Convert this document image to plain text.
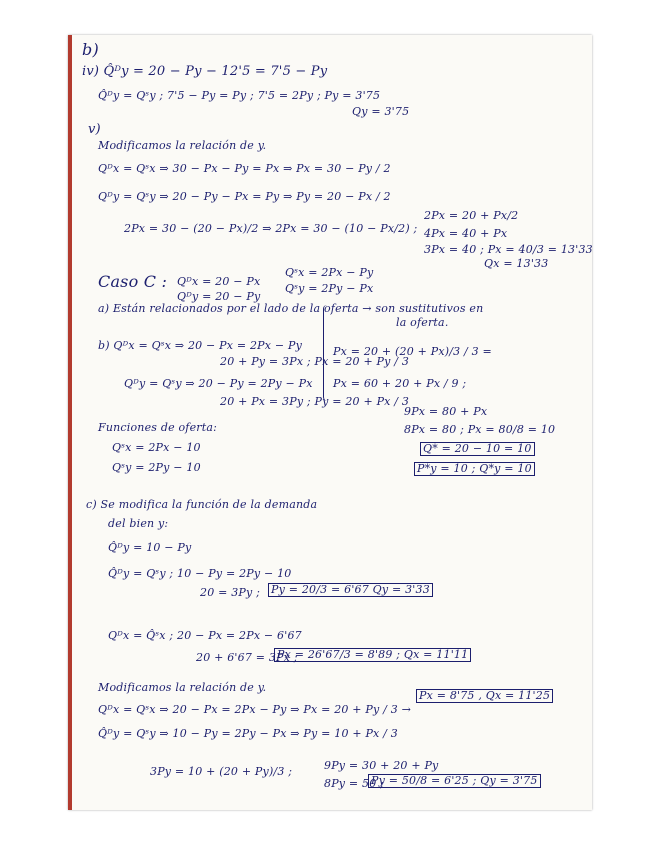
b)
iv) Q̂ᴰy = 20 − Py − 12'5 = 7'5 − Py
Q̂ᴰy = Qˢy ; 7'5 − Py = Py ; 7'5 = 2Py ; Py = 3'75
Qy = 3'75
v)
Modificamos la relación de y.
Qᴰx = Qˢx ⇒ 30 − Px − Py = Px ⇒ Px = 30 − Py / 2
Qᴰy = Qˢy ⇒ 20 − Py − Px = Py ⇒ Py = 20 − Px / 2
2Px = 30 − (20 − Px)/2 ⇒ 2Px = 30 − (10 − Px/2) ;
2Px = 20 + Px/2
4Px = 40 + Px
3Px = 40 ; Px = 40/3 = 13'33
Qx = 13'33
Caso C : Qᴰx = 20 − Px
Qᴰy = 20 − Py
Qˢx = 2Px − Py
Qˢy = 2Py − Px
a) Están relacionados por el lado de la oferta → son sustitutivos en
la oferta.
b) Qᴰx = Qˢx ⇒ 20 − Px = 2Px − Py
20 + Py = 3Px ; Px = 20 + Py / 3
Qᴰy = Qˢy ⇒ 20 − Py = 2Py − Px
20 + Px = 3Py ; Py = 20 + Px / 3
Px = 20 + (20 + Px)/3 / 3 =
Px = 60 + 20 + Px / 9 ;
9Px = 80 + Px
8Px = 80 ; Px = 80/8 = 10
Q* = 20 − 10 = 10
P*y = 10 ; Q*y = 10
Funciones de oferta:
Qˢx = 2Px − 10
Qˢy = 2Py − 10
c) Se modifica la función de la demanda
del bien y:
Q̂ᴰy = 10 − Py
Q̂ᴰy = Qˢy ; 10 − Py = 2Py − 10
20 = 3Py ; Py = 20/3 = 6'67 Qy = 3'33
Qᴰx = Q̂ˢx ; 20 − Px = 2Px − 6'67
20 + 6'67 = 3Px ;
Px = 26'67/3 = 8'89 ; Qx = 11'11
Modificamos la relación de y.
Qᴰx = Qˢx ⇒ 20 − Px = 2Px − Py ⇒ Px = 20 + Py / 3 →
Px = 8'75 , Qx = 11'25
Q̂ᴰy = Qˢy ⇒ 10 − Py = 2Py − Px ⇒ Py = 10 + Px / 3
3Py = 10 + (20 + Py)/3 ;	9Py = 30 + 20 + Py
8Py = 50 ;
Py = 50/8 = 6'25 ; Qy = 3'75
